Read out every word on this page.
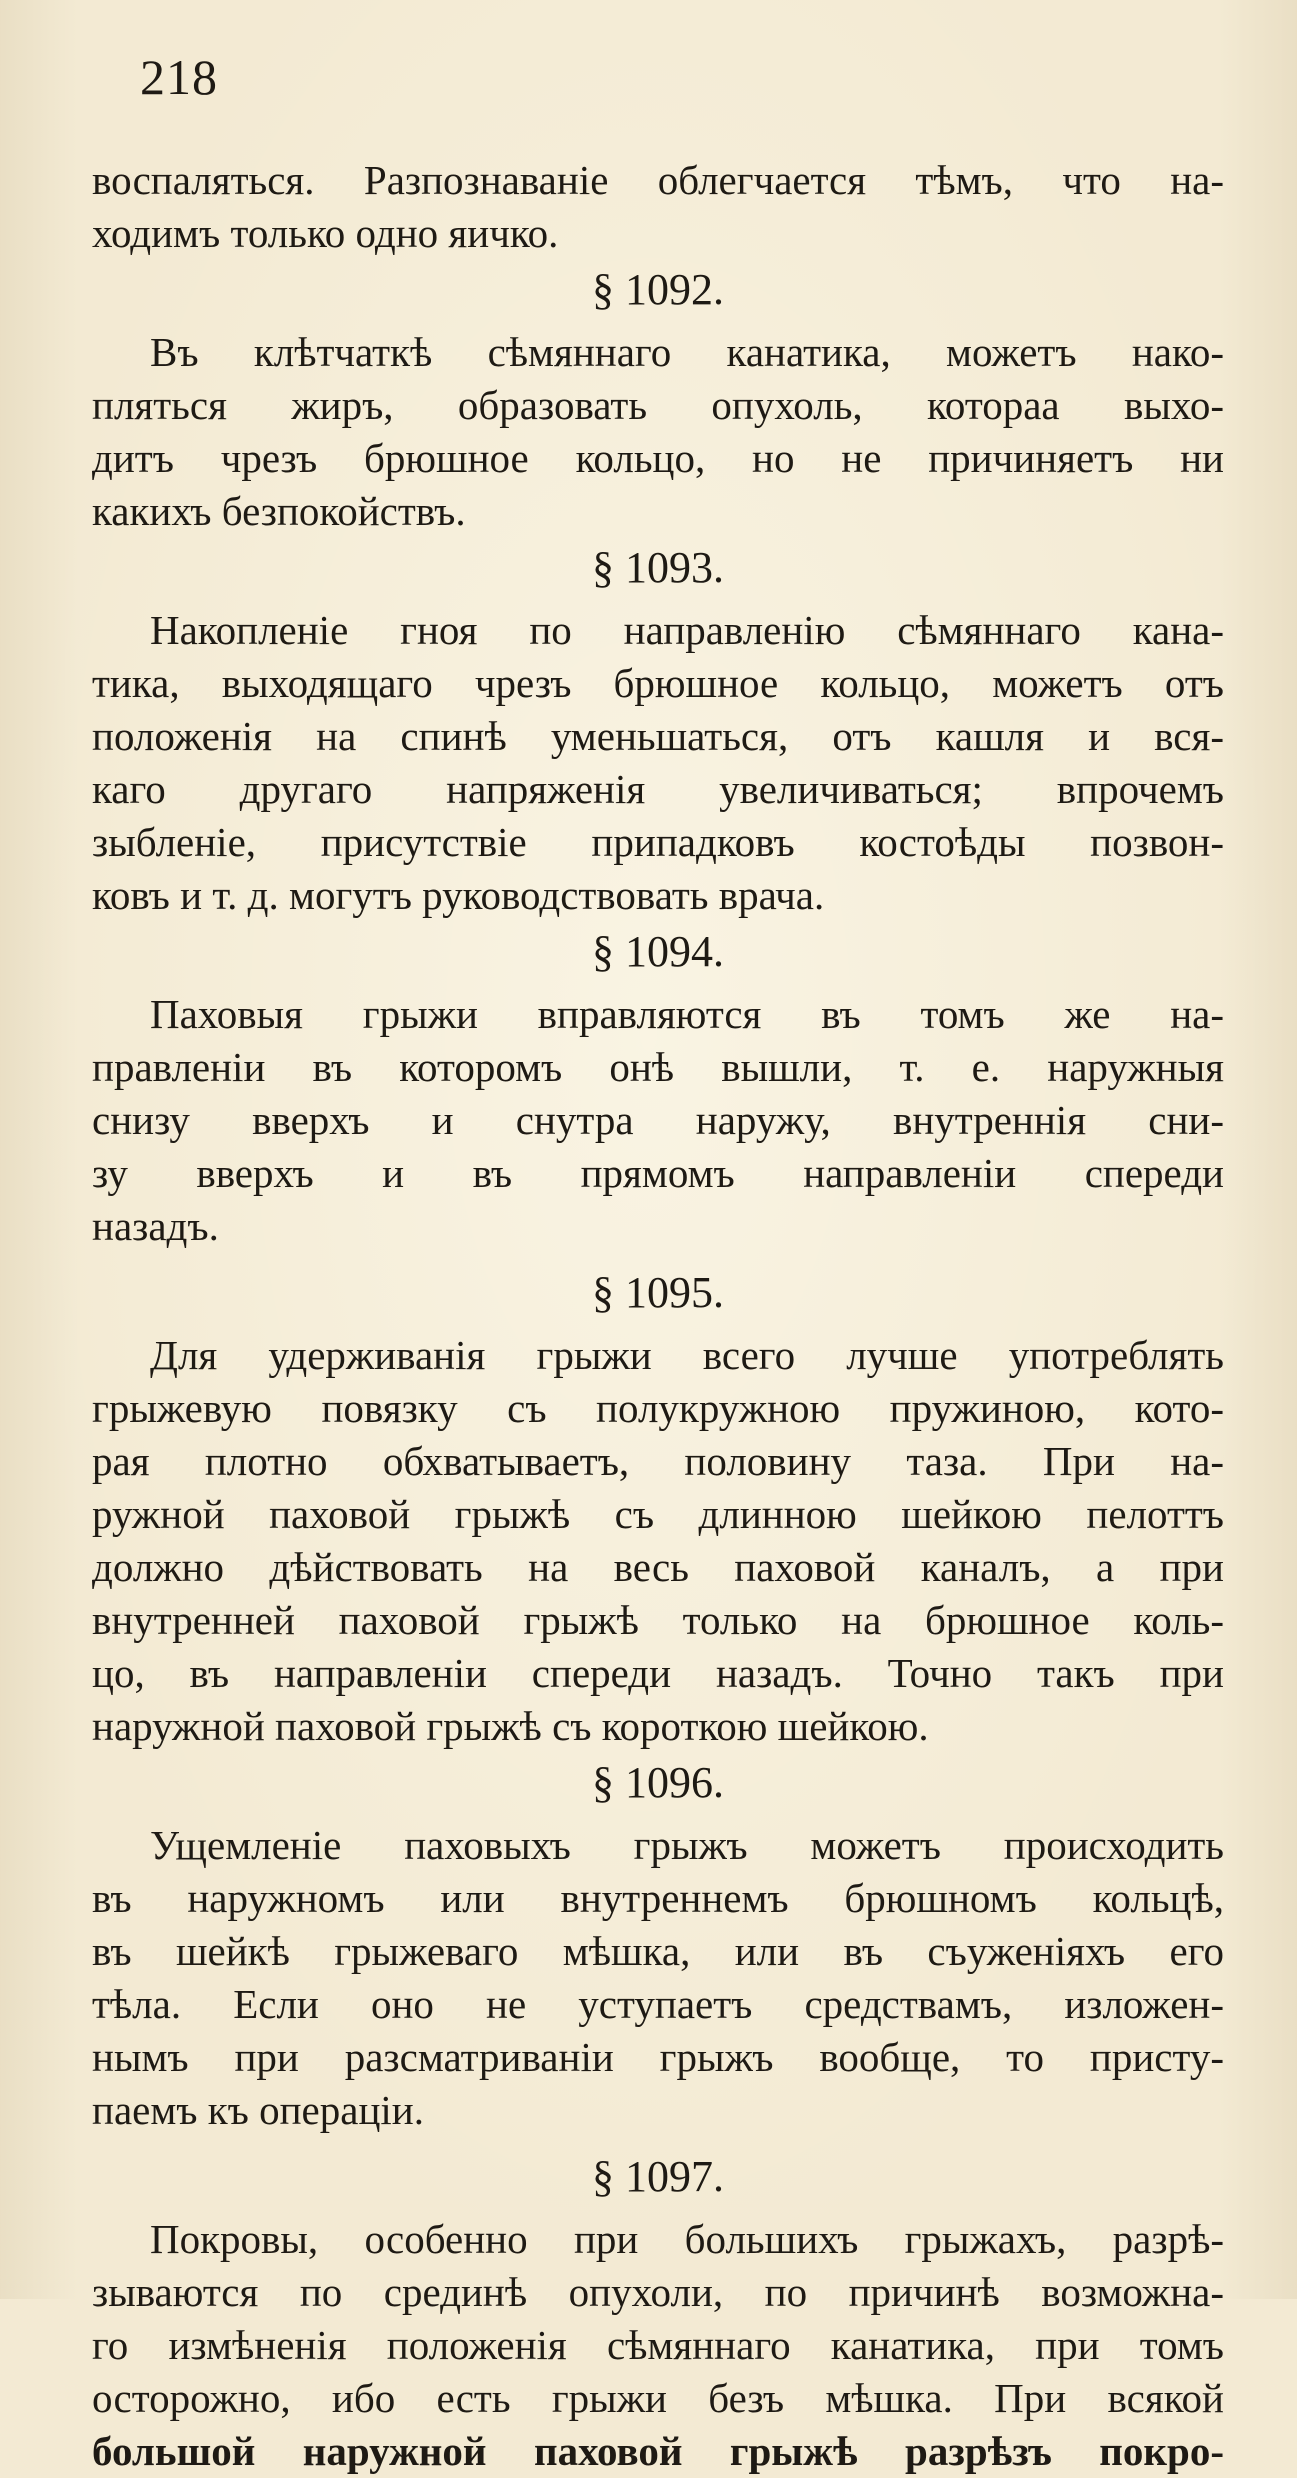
218
воспаляться. Разпознаваніе облегчается тѣмъ, что на-
ходимъ только одно яичко.
§ 1092.
Въ клѣтчаткѣ сѣмяннаго канатика, можетъ нако-
пляться жиръ, образовать опухоль, котораа выхо-
дитъ чрезъ брюшное кольцо, но не причиняетъ ни
какихъ безпокойствъ.
§ 1093.
Накопленіе гноя по направленію сѣмяннаго кана-
тика, выходящаго чрезъ брюшное кольцо, можетъ отъ
положенія на спинѣ уменьшаться, отъ кашля и вся-
каго другаго напряженія увеличиваться; впрочемъ
зыбленіе, присутствіе припадковъ костоѣды позвон-
ковъ и т. д. могутъ руководствовать врача.
§ 1094.
Паховыя грыжи вправляются въ томъ же на-
правленіи въ которомъ онѣ вышли, т. е. наружныя
снизу вверхъ и снутра наружу, внутреннія сни-
зу вверхъ и въ прямомъ направленіи спереди
назадъ.
§ 1095.
Для удерживанія грыжи всего лучше употреблять
грыжевую повязку съ полукружною пружиною, кото-
рая плотно обхватываетъ, половину таза. При на-
ружной паховой грыжѣ съ длинною шейкою пелоттъ
должно дѣйствовать на весь паховой каналъ, а при
внутренней паховой грыжѣ только на брюшное коль-
цо, въ направленіи спереди назадъ. Точно такъ при
наружной паховой грыжѣ съ короткою шейкою.
§ 1096.
Ущемленіе паховыхъ грыжъ можетъ происходить
въ наружномъ или внутреннемъ брюшномъ кольцѣ,
въ шейкѣ грыжеваго мѣшка, или въ съуженіяхъ его
тѣла. Если оно не уступаетъ средствамъ, изложен-
нымъ при разсматриваніи грыжъ вообще, то присту-
паемъ къ операціи.
§ 1097.
Покровы, особенно при большихъ грыжахъ, разрѣ-
зываются по срединѣ опухоли, по причинѣ возможна-
го измѣненія положенія сѣмяннаго канатика, при томъ
осторожно, ибо есть грыжи безъ мѣшка. При всякой
большой наружной паховой грыжѣ разрѣзъ покро-
